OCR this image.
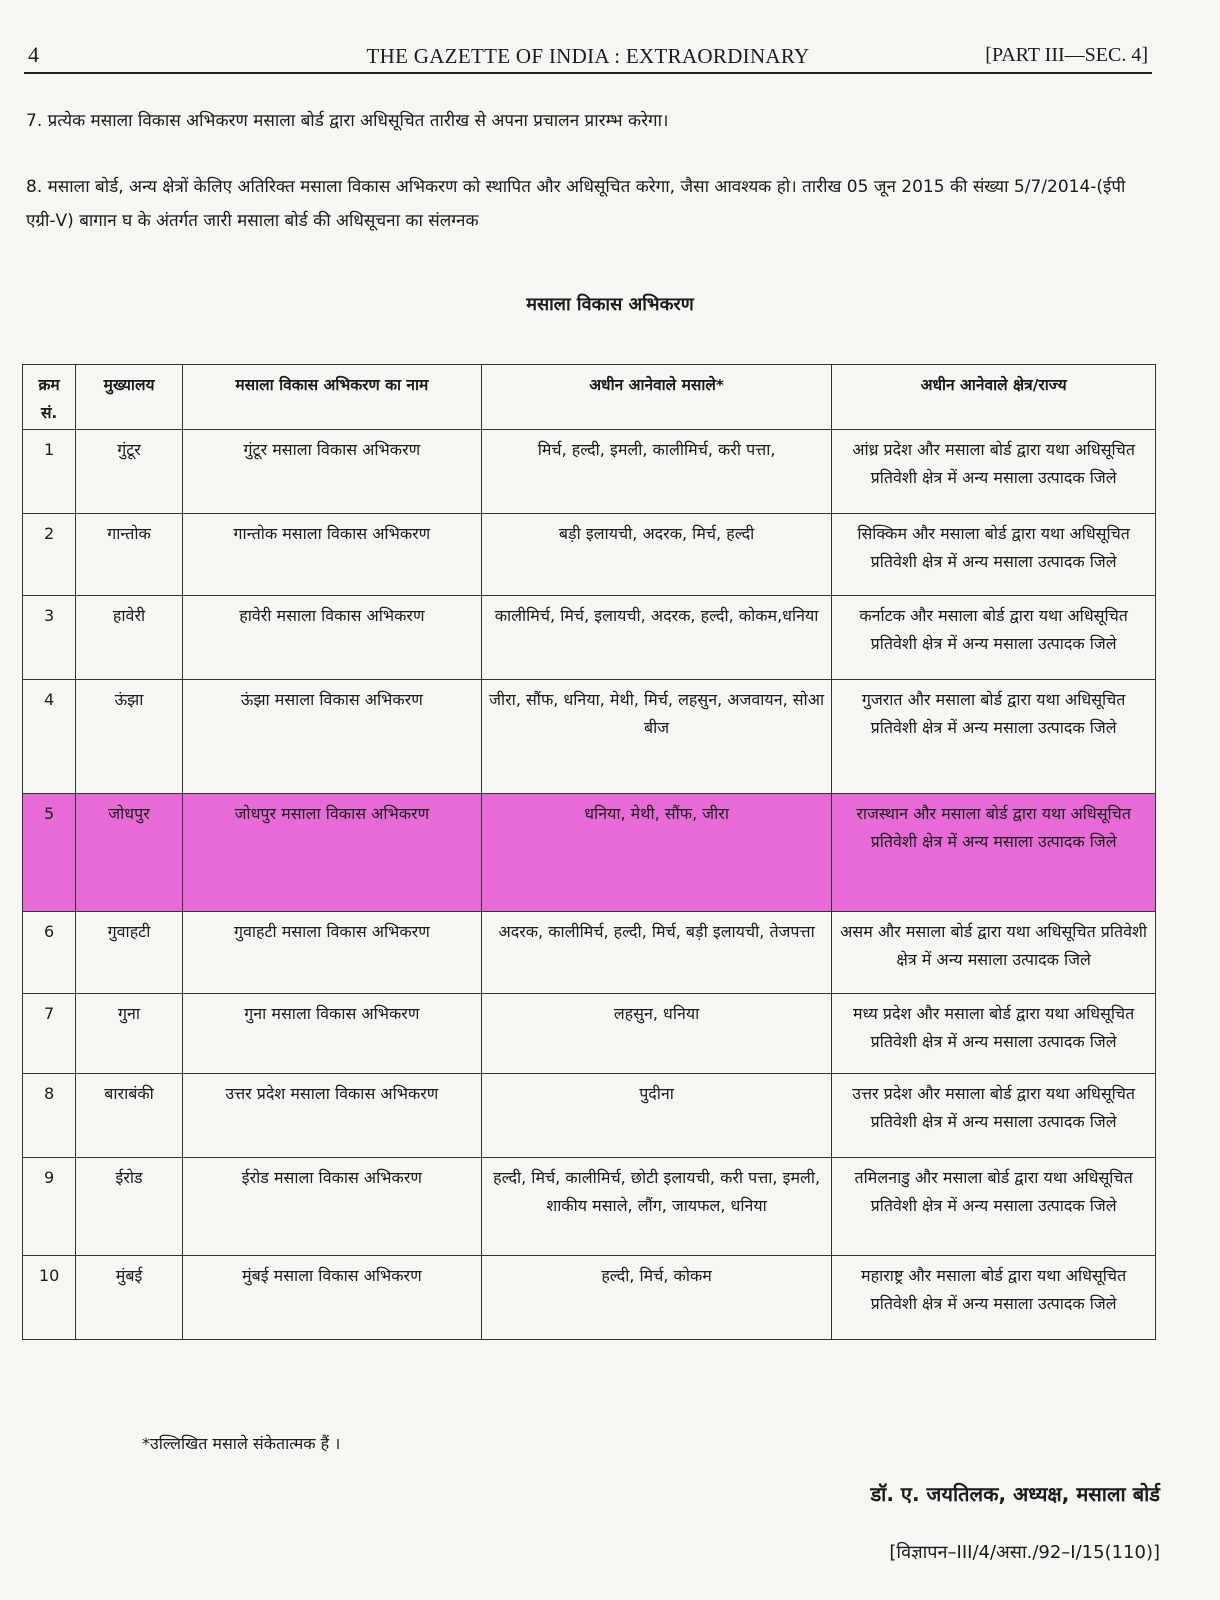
4	THE GAZETTE OF INDIA : EXTRAORDINARY	[PART III—SEC. 4]
7. प्रत्येक मसाला विकास अभिकरण मसाला बोर्ड द्वारा अधिसूचित तारीख से अपना प्रचालन प्रारम्भ करेगा।
8. मसाला बोर्ड, अन्य क्षेत्रों केलिए अतिरिक्त मसाला विकास अभिकरण को स्थापित और अधिसूचित करेगा, जैसा आवश्यक हो। तारीख 05 जून 2015 की संख्या 5/7/2014-(ईपी एग्री-V) बागान घ के अंतर्गत जारी मसाला बोर्ड की अधिसूचना का संलग्नक
मसाला विकास अभिकरण
क्रम सं.	मुख्यालय	मसाला विकास अभिकरण का नाम	अधीन आनेवाले मसाले*	अधीन आनेवाले क्षेत्र/राज्य
1	गुंटूर	गुंटूर मसाला विकास अभिकरण	मिर्च, हल्दी, इमली, कालीमिर्च, करी पत्ता,	आंध्र प्रदेश और मसाला बोर्ड द्वारा यथा अधिसूचित प्रतिवेशी क्षेत्र में अन्य मसाला उत्पादक जिले
2	गान्तोक	गान्तोक मसाला विकास अभिकरण	बड़ी इलायची, अदरक, मिर्च, हल्दी	सिक्किम और मसाला बोर्ड द्वारा यथा अधिसूचित प्रतिवेशी क्षेत्र में अन्य मसाला उत्पादक जिले
3	हावेरी	हावेरी मसाला विकास अभिकरण	कालीमिर्च, मिर्च, इलायची, अदरक, हल्दी, कोकम,धनिया	कर्नाटक और मसाला बोर्ड द्वारा यथा अधिसूचित प्रतिवेशी क्षेत्र में अन्य मसाला उत्पादक जिले
4	ऊंझा	ऊंझा मसाला विकास अभिकरण	जीरा, सौंफ, धनिया, मेथी, मिर्च, लहसुन, अजवायन, सोआ बीज	गुजरात और मसाला बोर्ड द्वारा यथा अधिसूचित प्रतिवेशी क्षेत्र में अन्य मसाला उत्पादक जिले
5	जोधपुर	जोधपुर मसाला विकास अभिकरण	धनिया, मेथी, सौंफ, जीरा	राजस्थान और मसाला बोर्ड द्वारा यथा अधिसूचित प्रतिवेशी क्षेत्र में अन्य मसाला उत्पादक जिले
6	गुवाहटी	गुवाहटी मसाला विकास अभिकरण	अदरक, कालीमिर्च, हल्दी, मिर्च, बड़ी इलायची, तेजपत्ता	असम और मसाला बोर्ड द्वारा यथा अधिसूचित प्रतिवेशी क्षेत्र में अन्य मसाला उत्पादक जिले
7	गुना	गुना मसाला विकास अभिकरण	लहसुन, धनिया	मध्य प्रदेश और मसाला बोर्ड द्वारा यथा अधिसूचित प्रतिवेशी क्षेत्र में अन्य मसाला उत्पादक जिले
8	बाराबंकी	उत्तर प्रदेश मसाला विकास अभिकरण	पुदीना	उत्तर प्रदेश और मसाला बोर्ड द्वारा यथा अधिसूचित प्रतिवेशी क्षेत्र में अन्य मसाला उत्पादक जिले
9	ईरोड	ईरोड मसाला विकास अभिकरण	हल्दी, मिर्च, कालीमिर्च, छोटी इलायची, करी पत्ता, इमली, शाकीय मसाले, लौंग, जायफल, धनिया	तमिलनाडु और मसाला बोर्ड द्वारा यथा अधिसूचित प्रतिवेशी क्षेत्र में अन्य मसाला उत्पादक जिले
10	मुंबई	मुंबई मसाला विकास अभिकरण	हल्दी, मिर्च, कोकम	महाराष्ट्र और मसाला बोर्ड द्वारा यथा अधिसूचित प्रतिवेशी क्षेत्र में अन्य मसाला उत्पादक जिले
*उल्लिखित मसाले संकेतात्मक हैं ।
डॉ. ए. जयतिलक, अध्यक्ष, मसाला बोर्ड
[विज्ञापन–III/4/असा./92–I/15(110)]
